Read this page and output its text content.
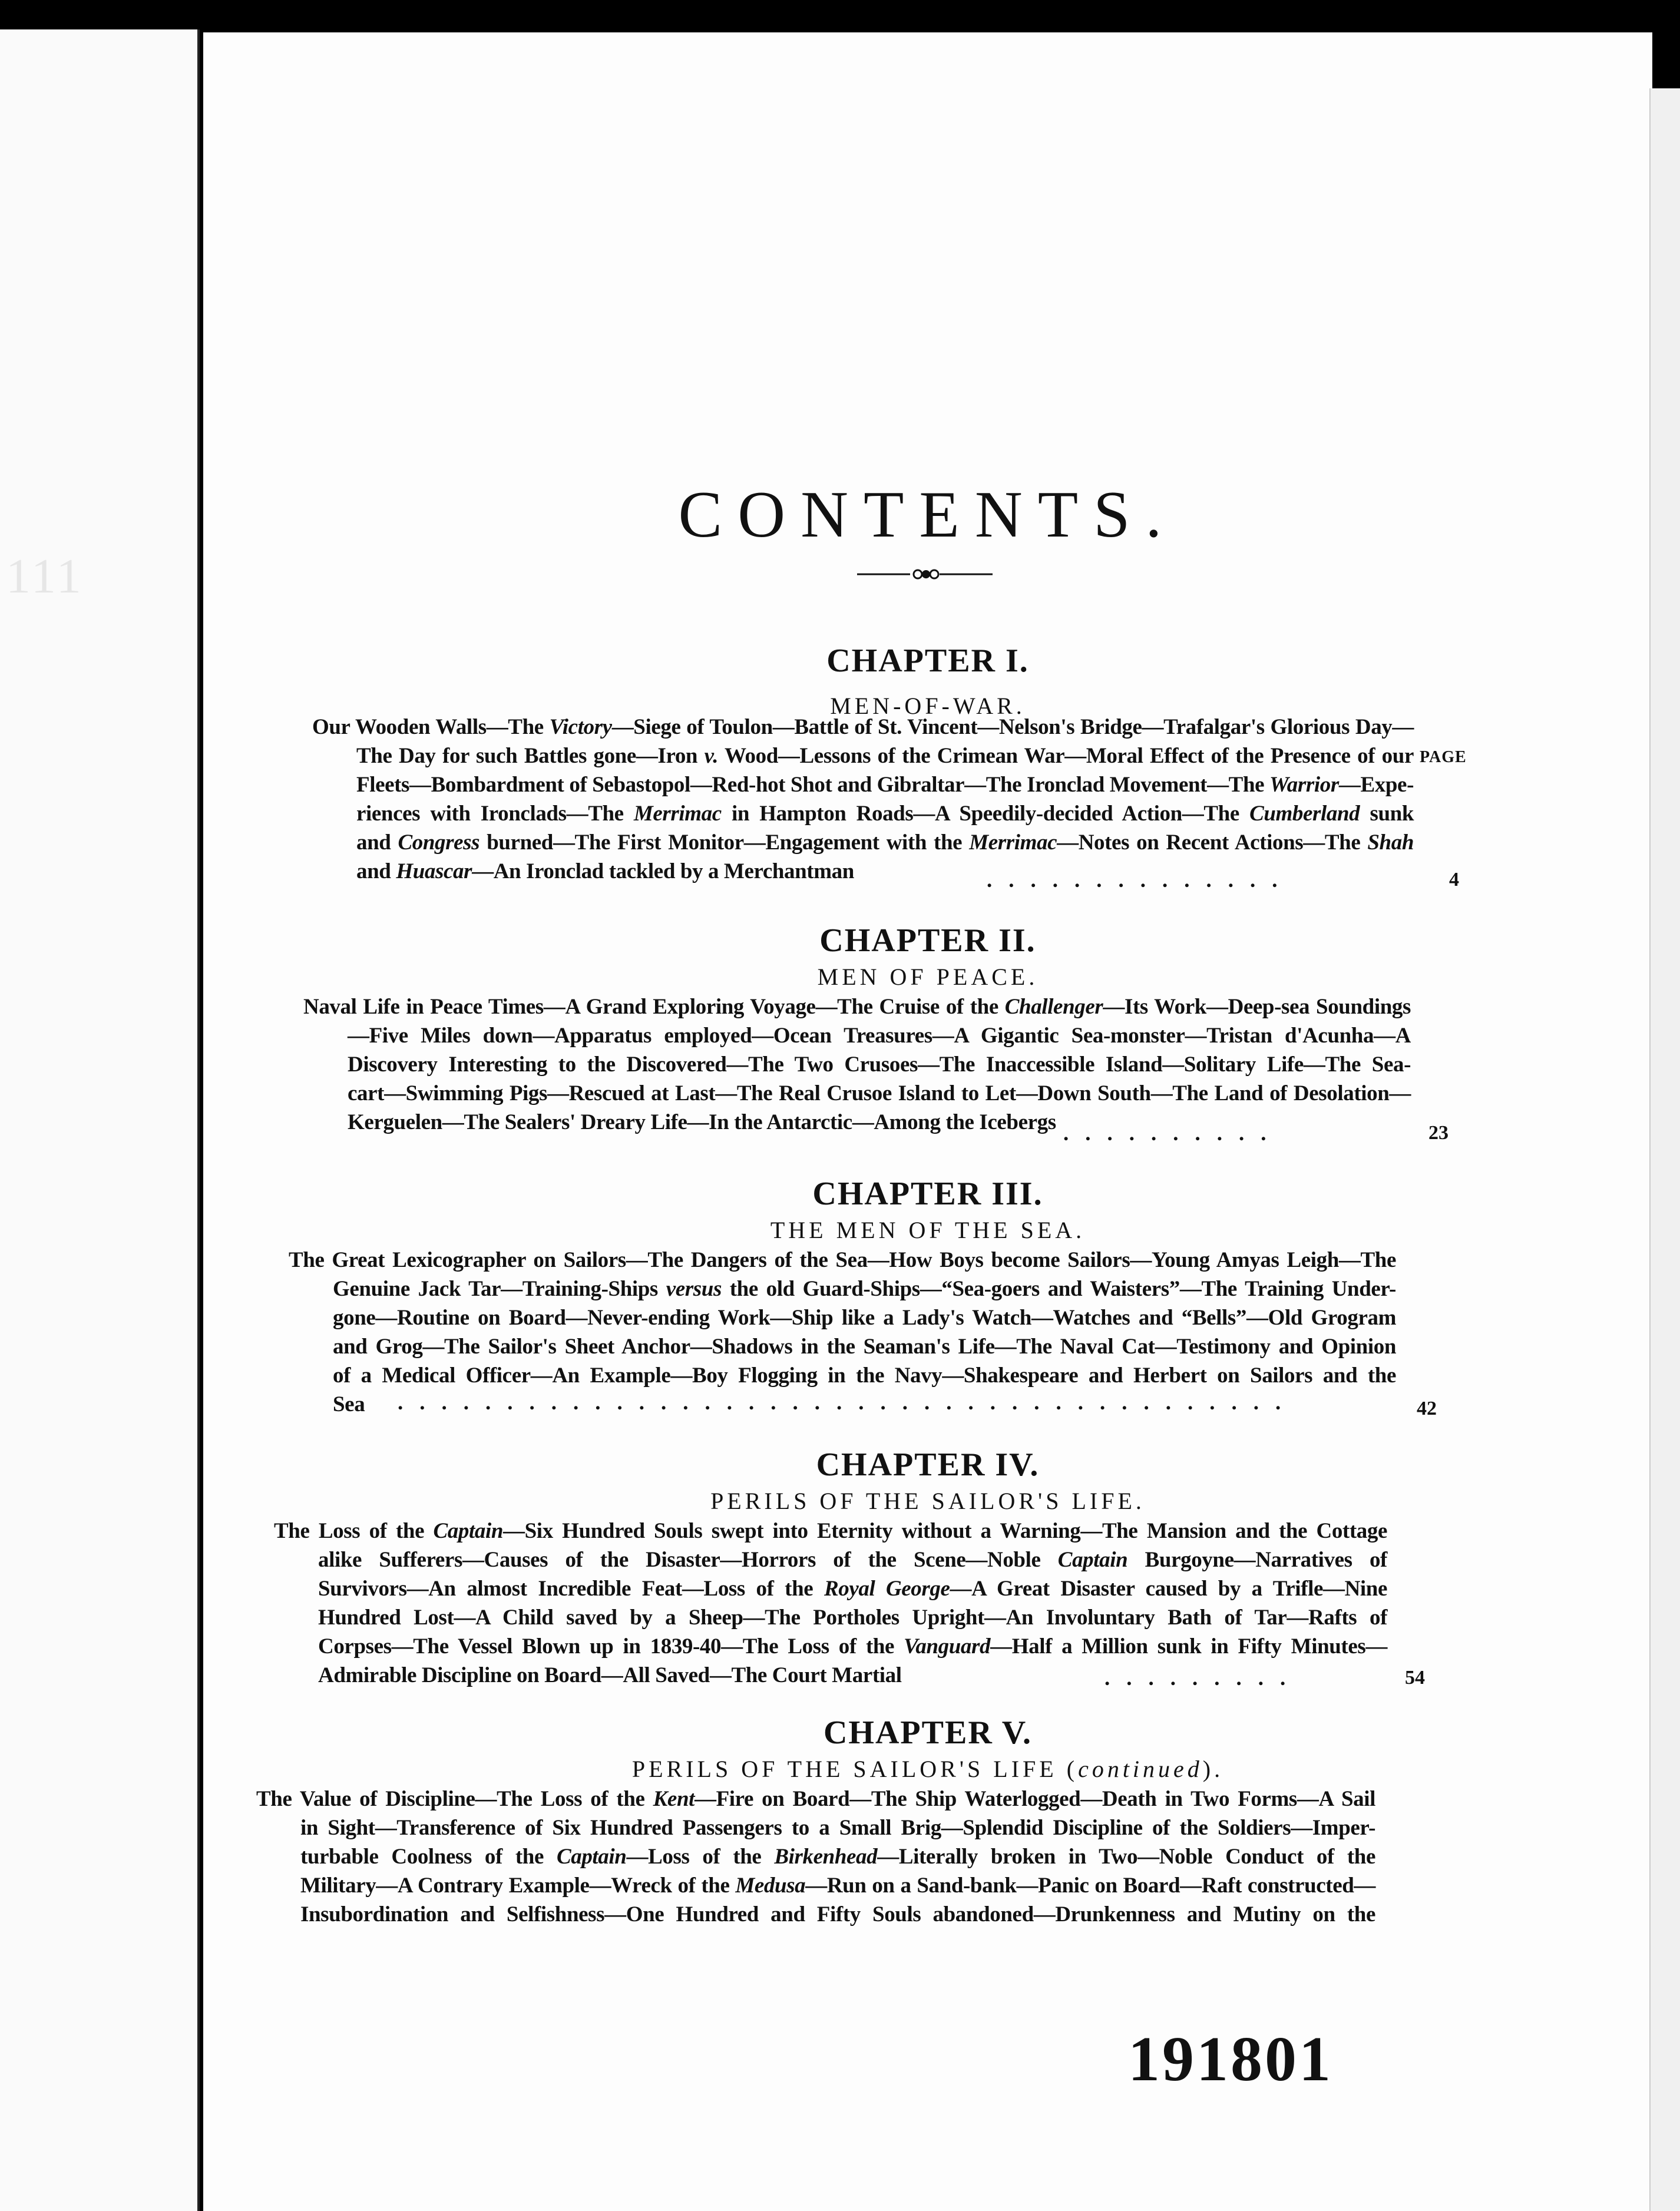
111
CONTENTS.
CHAPTER I.
MEN-OF-WAR.
PAGE
Our Wooden Walls—The Victory—Siege of Toulon—Battle of St. Vincent—Nelson's Bridge—Trafalgar's Glorious Day—
The Day for such Battles gone—Iron v. Wood—Lessons of the Crimean War—Moral Effect of the Presence of our
Fleets—Bombardment of Sebastopol—Red-hot Shot and Gibraltar—The Ironclad Movement—The Warrior—Expe-
riences with Ironclads—The Merrimac in Hampton Roads—A Speedily-decided Action—The Cumberland sunk
and Congress burned—The First Monitor—Engagement with the Merrimac—Notes on Recent Actions—The Shah
and Huascar—An Ironclad tackled by a Merchantman	..............	4
CHAPTER II.
MEN OF PEACE.
Naval Life in Peace Times—A Grand Exploring Voyage—The Cruise of the Challenger—Its Work—Deep-sea Soundings
—Five Miles down—Apparatus employed—Ocean Treasures—A Gigantic Sea-monster—Tristan d'Acunha—A
Discovery Interesting to the Discovered—The Two Crusoes—The Inaccessible Island—Solitary Life—The Sea-
cart—Swimming Pigs—Rescued at Last—The Real Crusoe Island to Let—Down South—The Land of Desolation—
Kerguelen—The Sealers' Dreary Life—In the Antarctic—Among the Icebergs ..........	23
CHAPTER III.
THE MEN OF THE SEA.
The Great Lexicographer on Sailors—The Dangers of the Sea—How Boys become Sailors—Young Amyas Leigh—The
Genuine Jack Tar—Training-Ships versus the old Guard-Ships—“Sea-goers and Waisters”—The Training Under-
gone—Routine on Board—Never-ending Work—Ship like a Lady's Watch—Watches and “Bells”—Old Grogram
and Grog—The Sailor's Sheet Anchor—Shadows in the Seaman's Life—The Naval Cat—Testimony and Opinion
of a Medical Officer—An Example—Boy Flogging in the Navy—Shakespeare and Herbert on Sailors and the
Sea	.........................................	42
CHAPTER IV.
PERILS OF THE SAILOR'S LIFE.
The Loss of the Captain—Six Hundred Souls swept into Eternity without a Warning—The Mansion and the Cottage
alike Sufferers—Causes of the Disaster—Horrors of the Scene—Noble Captain Burgoyne—Narratives of
Survivors—An almost Incredible Feat—Loss of the Royal George—A Great Disaster caused by a Trifle—Nine
Hundred Lost—A Child saved by a Sheep—The Portholes Upright—An Involuntary Bath of Tar—Rafts of
Corpses—The Vessel Blown up in 1839-40—The Loss of the Vanguard—Half a Million sunk in Fifty Minutes—
Admirable Discipline on Board—All Saved—The Court Martial	.........	54
CHAPTER V.
PERILS OF THE SAILOR'S LIFE (continued).
The Value of Discipline—The Loss of the Kent—Fire on Board—The Ship Waterlogged—Death in Two Forms—A Sail
in Sight—Transference of Six Hundred Passengers to a Small Brig—Splendid Discipline of the Soldiers—Imper-
turbable Coolness of the Captain—Loss of the Birkenhead—Literally broken in Two—Noble Conduct of the
Military—A Contrary Example—Wreck of the Medusa—Run on a Sand-bank—Panic on Board—Raft constructed—
Insubordination and Selfishness—One Hundred and Fifty Souls abandoned—Drunkenness and Mutiny on the
191801
